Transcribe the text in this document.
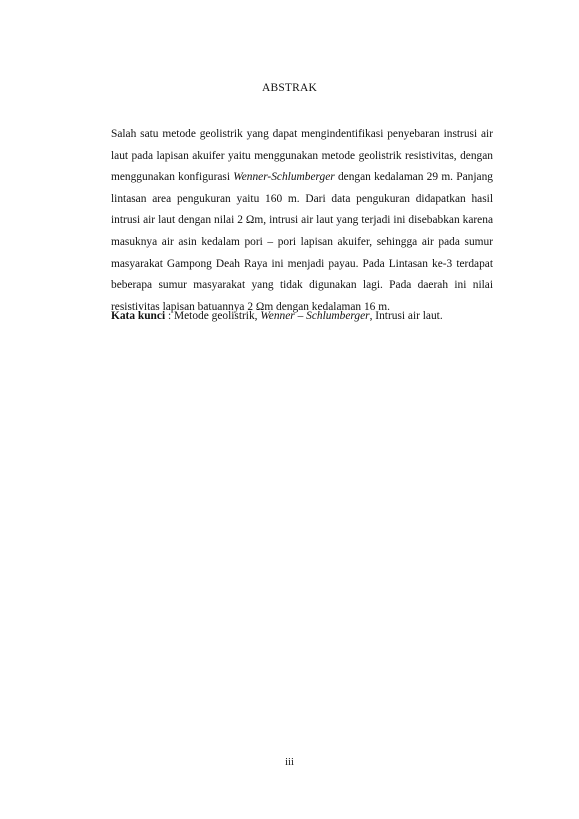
ABSTRAK

Salah satu metode geolistrik yang dapat mengindentifikasi penyebaran instrusi air laut pada lapisan akuifer yaitu menggunakan metode geolistrik resistivitas, dengan menggunakan konfigurasi Wenner-Schlumberger dengan kedalaman 29 m. Panjang lintasan area pengukuran yaitu 160 m. Dari data pengukuran didapatkan hasil intrusi air laut dengan nilai 2 Ωm, intrusi air laut yang terjadi ini disebabkan karena masuknya air asin kedalam pori – pori lapisan akuifer, sehingga air pada sumur masyarakat Gampong Deah Raya ini menjadi payau. Pada Lintasan ke-3 terdapat beberapa sumur masyarakat yang tidak digunakan lagi. Pada daerah ini nilai resistivitas lapisan batuannya 2 Ωm dengan kedalaman 16 m.

Kata kunci : Metode geolistrik, Wenner – Schlumberger, Intrusi air laut.
iii
